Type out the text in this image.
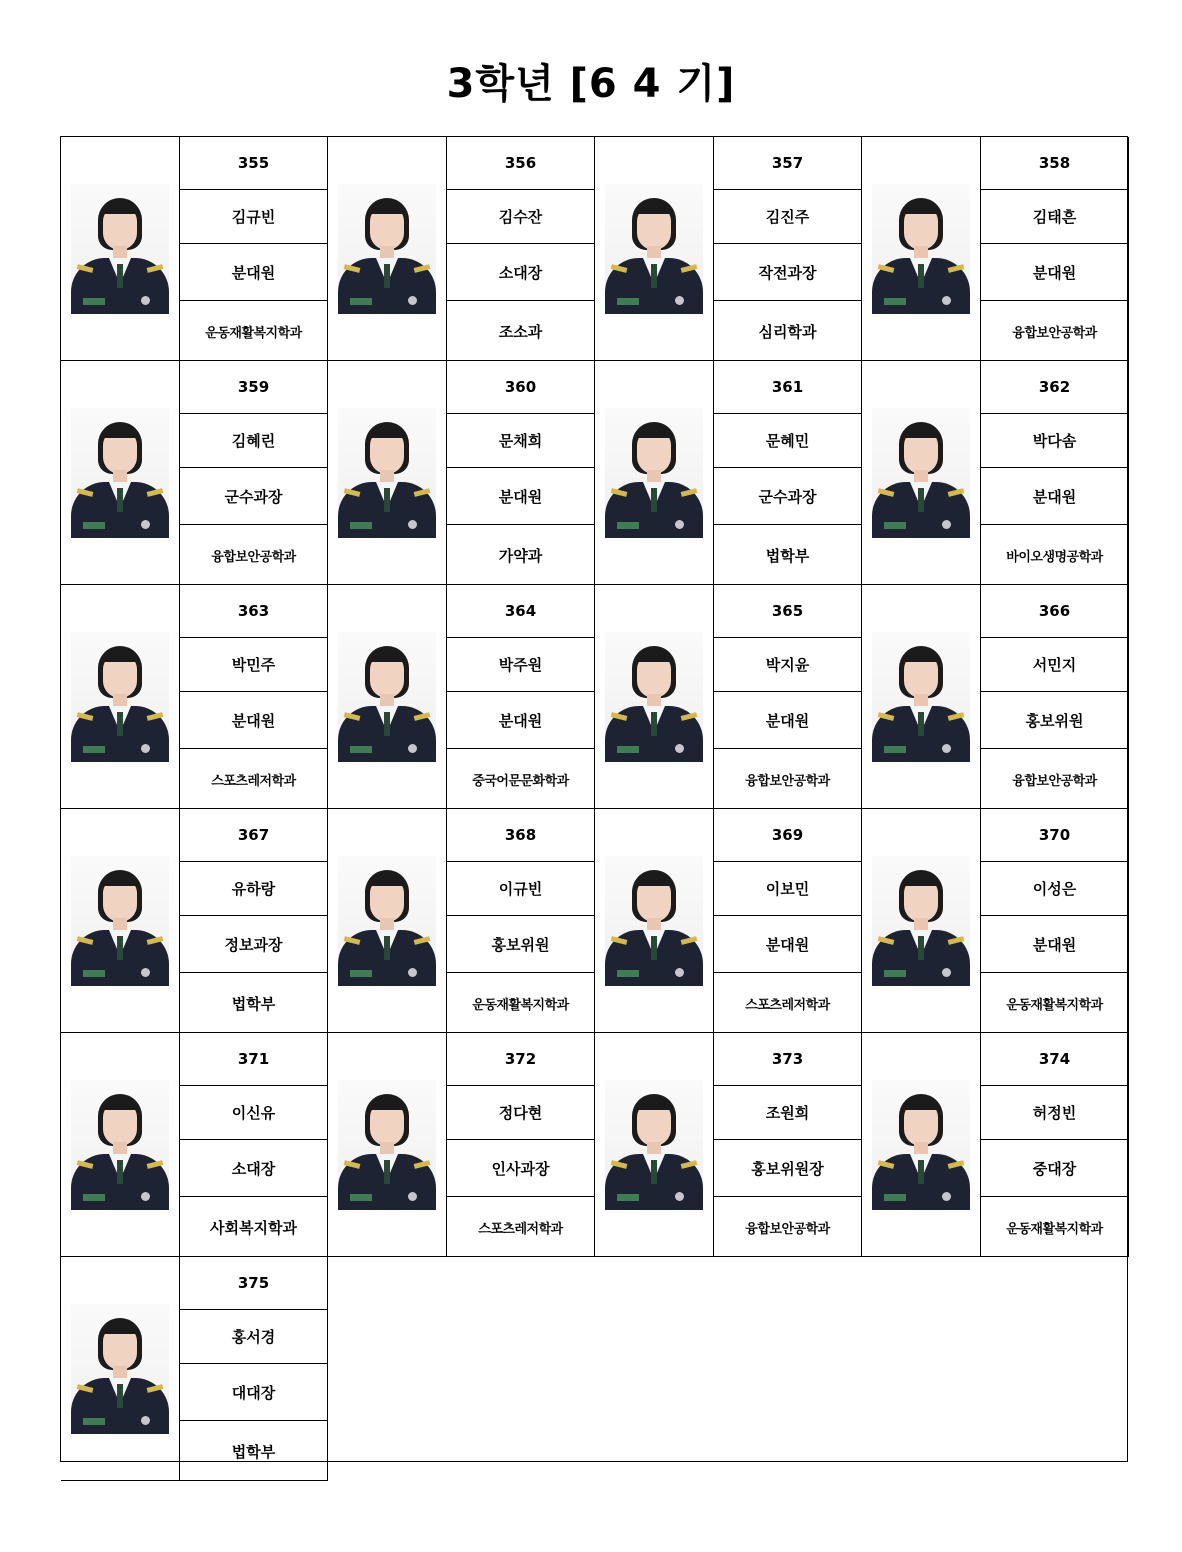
3학년 [6 4 기]
355
김규빈
분대원
운동재활복지학과
356
김수잔
소대장
조소과
357
김진주
작전과장
심리학과
358
김태흔
분대원
융합보안공학과
359
김혜린
군수과장
융합보안공학과
360
문채희
분대원
가약과
361
문혜민
군수과장
법학부
362
박다솜
분대원
바이오생명공학과
363
박민주
분대원
스포츠레저학과
364
박주원
분대원
중국어문문화학과
365
박지윤
분대원
융합보안공학과
366
서민지
홍보위원
융합보안공학과
367
유하랑
정보과장
법학부
368
이규빈
홍보위원
운동재활복지학과
369
이보민
분대원
스포츠레저학과
370
이성은
분대원
운동재활복지학과
371
이신유
소대장
사회복지학과
372
정다현
인사과장
스포츠레저학과
373
조원희
홍보위원장
융합보안공학과
374
허정빈
중대장
운동재활복지학과
375
홍서경
대대장
법학부
